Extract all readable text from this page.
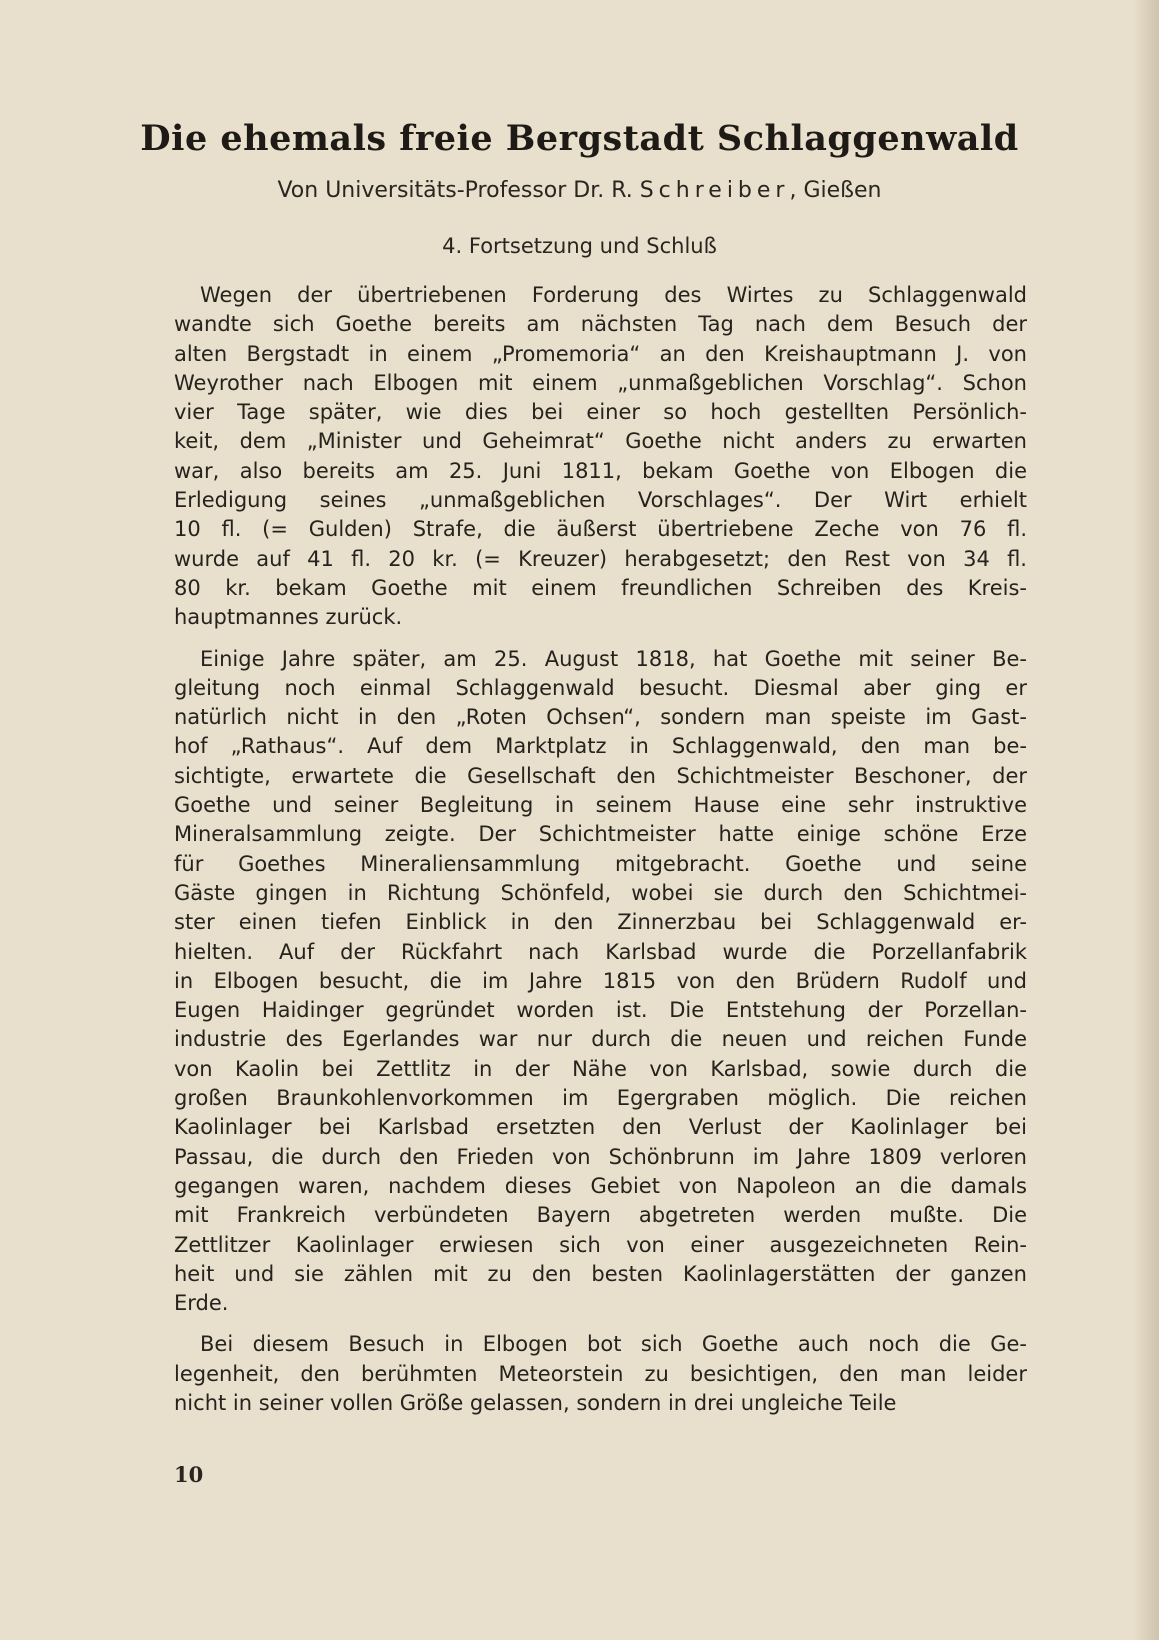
Die ehemals freie Bergstadt Schlaggenwald
Von Universitäts-Professor Dr. R. Schreiber, Gießen
4. Fortsetzung und Schluß
Wegen der übertriebenen Forderung des Wirtes zu Schlaggenwald
wandte sich Goethe bereits am nächsten Tag nach dem Besuch der
alten Bergstadt in einem „Promemoria“ an den Kreishauptmann J. von
Weyrother nach Elbogen mit einem „unmaßgeblichen Vorschlag“. Schon
vier Tage später, wie dies bei einer so hoch gestellten Persönlich-
keit, dem „Minister und Geheimrat“ Goethe nicht anders zu erwarten
war, also bereits am 25. Juni 1811, bekam Goethe von Elbogen die
Erledigung seines „unmaßgeblichen Vorschlages“. Der Wirt erhielt
10 fl. (= Gulden) Strafe, die äußerst übertriebene Zeche von 76 fl.
wurde auf 41 fl. 20 kr. (= Kreuzer) herabgesetzt; den Rest von 34 fl.
80 kr. bekam Goethe mit einem freundlichen Schreiben des Kreis-
hauptmannes zurück.
Einige Jahre später, am 25. August 1818, hat Goethe mit seiner Be-
gleitung noch einmal Schlaggenwald besucht. Diesmal aber ging er
natürlich nicht in den „Roten Ochsen“, sondern man speiste im Gast-
hof „Rathaus“. Auf dem Marktplatz in Schlaggenwald, den man be-
sichtigte, erwartete die Gesellschaft den Schichtmeister Beschoner, der
Goethe und seiner Begleitung in seinem Hause eine sehr instruktive
Mineralsammlung zeigte. Der Schichtmeister hatte einige schöne Erze
für Goethes Mineraliensammlung mitgebracht. Goethe und seine
Gäste gingen in Richtung Schönfeld, wobei sie durch den Schichtmei-
ster einen tiefen Einblick in den Zinnerzbau bei Schlaggenwald er-
hielten. Auf der Rückfahrt nach Karlsbad wurde die Porzellanfabrik
in Elbogen besucht, die im Jahre 1815 von den Brüdern Rudolf und
Eugen Haidinger gegründet worden ist. Die Entstehung der Porzellan-
industrie des Egerlandes war nur durch die neuen und reichen Funde
von Kaolin bei Zettlitz in der Nähe von Karlsbad, sowie durch die
großen Braunkohlenvorkommen im Egergraben möglich. Die reichen
Kaolinlager bei Karlsbad ersetzten den Verlust der Kaolinlager bei
Passau, die durch den Frieden von Schönbrunn im Jahre 1809 verloren
gegangen waren, nachdem dieses Gebiet von Napoleon an die damals
mit Frankreich verbündeten Bayern abgetreten werden mußte. Die
Zettlitzer Kaolinlager erwiesen sich von einer ausgezeichneten Rein-
heit und sie zählen mit zu den besten Kaolinlagerstätten der ganzen
Erde.
Bei diesem Besuch in Elbogen bot sich Goethe auch noch die Ge-
legenheit, den berühmten Meteorstein zu besichtigen, den man leider
nicht in seiner vollen Größe gelassen, sondern in drei ungleiche Teile
10
